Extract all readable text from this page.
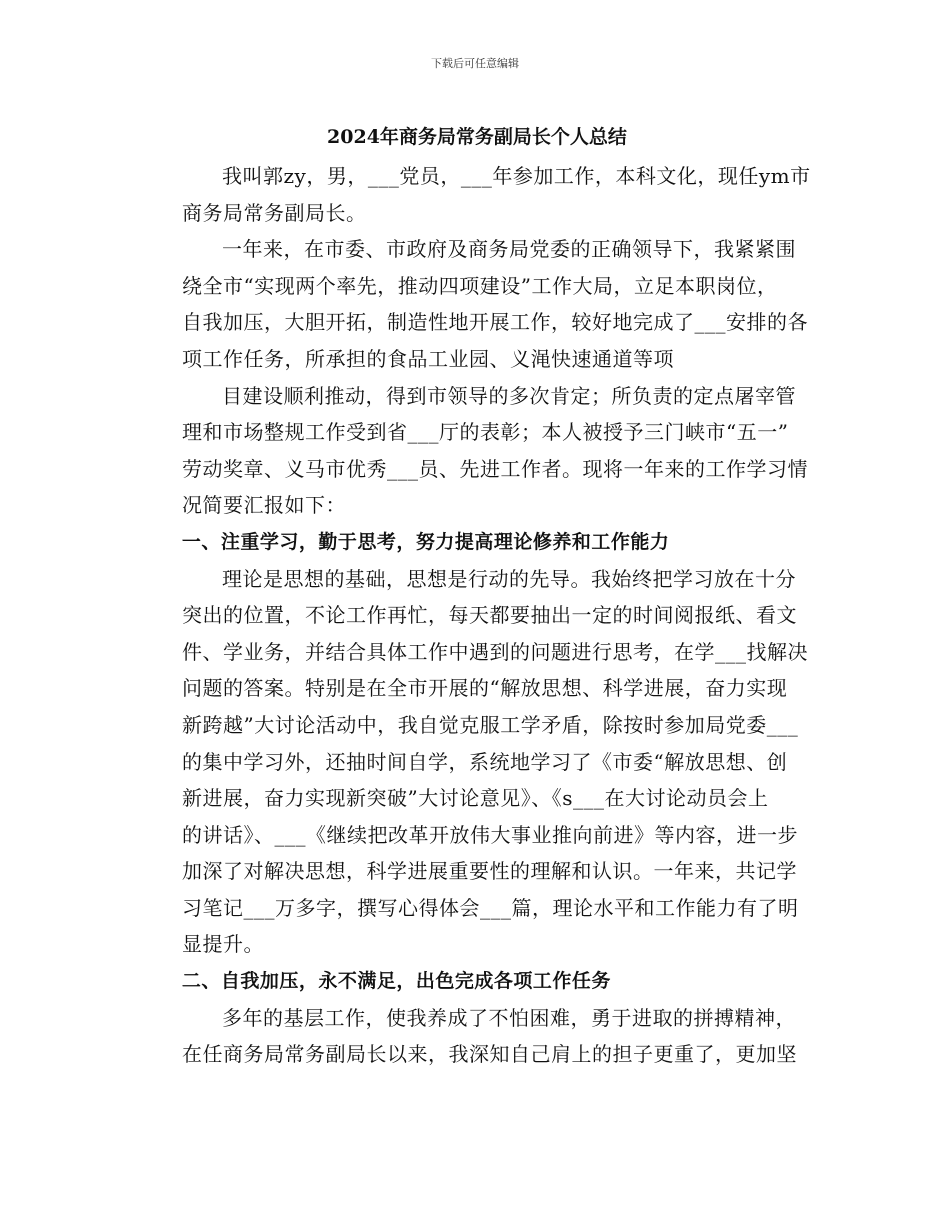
下载后可任意编辑
2024年商务局常务副局长个人总结
我叫郭zy，男，___党员，___年参加工作，本科文化，现任ym市
商务局常务副局长。
一年来，在市委、市政府及商务局党委的正确领导下，我紧紧围
绕全市“实现两个率先，推动四项建设”工作大局，立足本职岗位，
自我加压，大胆开拓，制造性地开展工作，较好地完成了___安排的各
项工作任务，所承担的食品工业园、义渑快速通道等项
目建设顺利推动，得到市领导的多次肯定；所负责的定点屠宰管
理和市场整规工作受到省___厅的表彰；本人被授予三门峡市“五一”
劳动奖章、义马市优秀___员、先进工作者。现将一年来的工作学习情
况简要汇报如下：
一、注重学习，勤于思考，努力提高理论修养和工作能力
理论是思想的基础，思想是行动的先导。我始终把学习放在十分
突出的位置，不论工作再忙，每天都要抽出一定的时间阅报纸、看文
件、学业务，并结合具体工作中遇到的问题进行思考，在学___找解决
问题的答案。特别是在全市开展的“解放思想、科学进展，奋力实现
新跨越”大讨论活动中，我自觉克服工学矛盾，除按时参加局党委___
的集中学习外，还抽时间自学，系统地学习了《市委“解放思想、创
新进展，奋力实现新突破”大讨论意见》、《s___在大讨论动员会上
的讲话》、___《继续把改革开放伟大事业推向前进》等内容，进一步
加深了对解决思想，科学进展重要性的理解和认识。一年来，共记学
习笔记___万多字，撰写心得体会___篇，理论水平和工作能力有了明
显提升。
二、自我加压，永不满足，出色完成各项工作任务
多年的基层工作，使我养成了不怕困难，勇于进取的拼搏精神，
在任商务局常务副局长以来，我深知自己肩上的担子更重了，更加坚
